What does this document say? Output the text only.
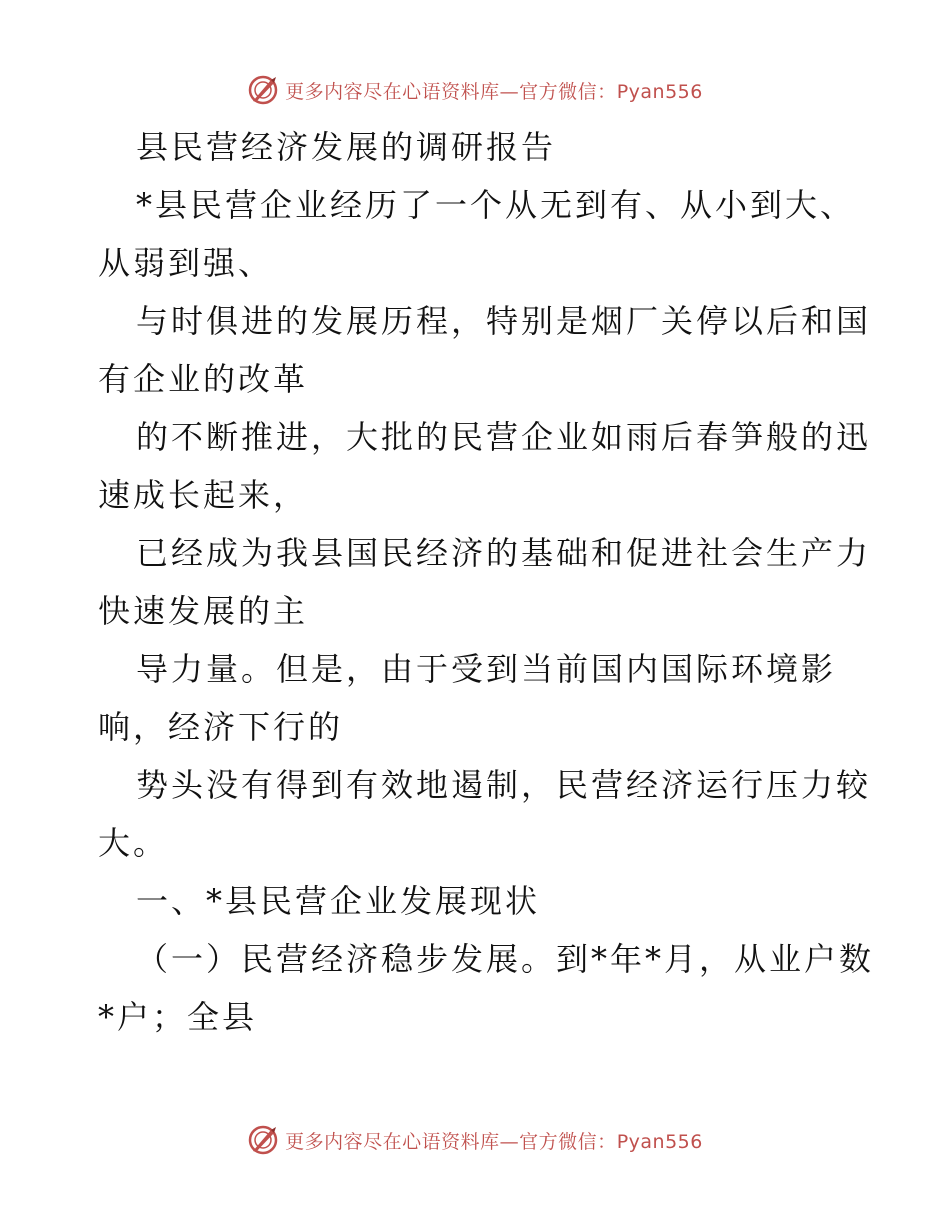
更多内容尽在心语资料库—官方微信：Pyan556
县民营经济发展的调研报告
*县民营企业经历了一个从无到有、从小到大、
从弱到强、
与时俱进的发展历程，特别是烟厂关停以后和国
有企业的改革
的不断推进，大批的民营企业如雨后春笋般的迅
速成长起来，
已经成为我县国民经济的基础和促进社会生产力
快速发展的主
导力量。但是，由于受到当前国内国际环境影
响，经济下行的
势头没有得到有效地遏制，民营经济运行压力较
大。
一、*县民营企业发展现状
（一）民营经济稳步发展。到*年*月，从业户数
*户；全县
更多内容尽在心语资料库—官方微信：Pyan556
